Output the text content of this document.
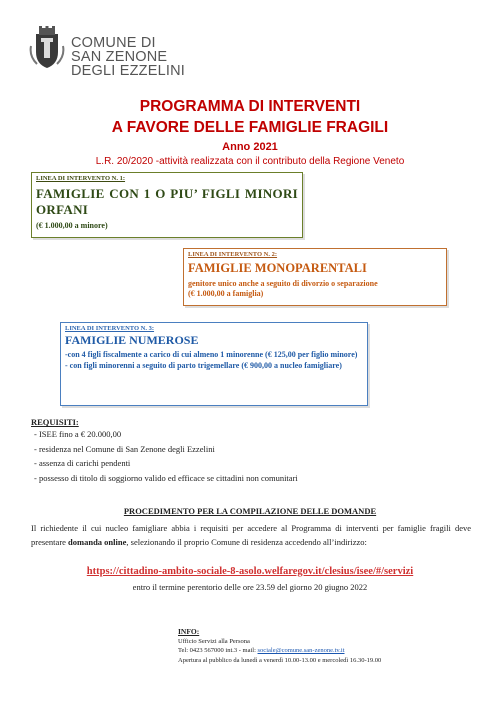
COMUNE DI
SAN ZENONE
DEGLI EZZELINI
PROGRAMMA DI INTERVENTI
A FAVORE DELLE FAMIGLIE FRAGILI
Anno 2021
L.R. 20/2020 -attività realizzata con il contributo della Regione Veneto
LINEA DI INTERVENTO N. 1:
FAMIGLIE CON 1 O PIU’ FIGLI MINORI ORFANI
(€ 1.000,00 a minore)
LINEA DI INTERVENTO N. 2:
FAMIGLIE MONOPARENTALI
genitore unico anche a seguito di divorzio o separazione
(€ 1.000,00 a famiglia)
LINEA DI INTERVENTO N. 3:
FAMIGLIE NUMEROSE
-con 4 figli fiscalmente a carico di cui almeno 1 minorenne (€ 125,00 per figlio minore)
- con figli minorenni a seguito di parto trigemellare (€ 900,00 a nucleo famigliare)
REQUISITI:
- ISEE fino a € 20.000,00
- residenza nel Comune di San Zenone degli Ezzelini
- assenza di carichi pendenti
- possesso di titolo di soggiorno valido ed efficace se cittadini non comunitari
PROCEDIMENTO PER LA COMPILAZIONE DELLE DOMANDE
Il richiedente il cui nucleo famigliare abbia i requisiti per accedere al Programma di interventi per famiglie fragili deve presentare domanda online, selezionando il proprio Comune di residenza accedendo all’indirizzo:
https://cittadino-ambito-sociale-8-asolo.welfaregov.it/clesius/isee/#/servizi
entro il termine perentorio delle ore 23.59 del giorno 20 giugno 2022
INFO:
Ufficio Servizi alla Persona
Tel: 0423 567000 int.3 - mail: sociale@comune.san-zenone.tv.it
Apertura al pubblico da lunedì a venerdì 10.00-13.00 e mercoledì 16.30-19.00
